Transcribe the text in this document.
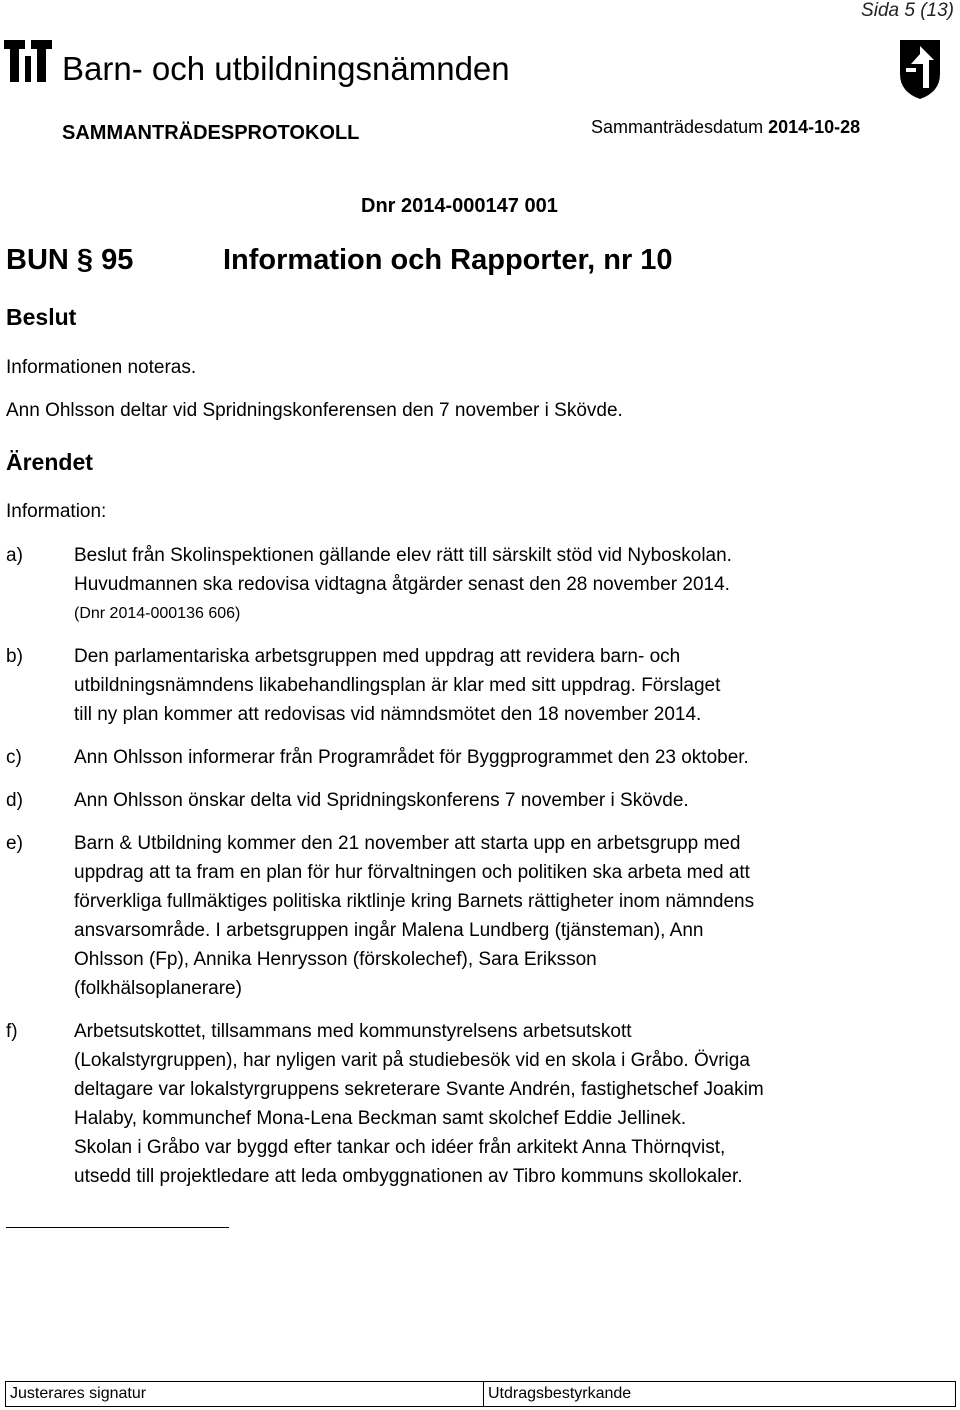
Sida 5 (13)
Barn- och utbildningsnämnden
SAMMANTRÄDESPROTOKOLL	Sammanträdesdatum 2014-10-28
Dnr 2014-000147 001
BUN § 95	Information och Rapporter, nr 10
Beslut
Informationen noteras.
Ann Ohlsson deltar vid Spridningskonferensen den 7 november i Skövde.
Ärendet
Information:
a)	Beslut från Skolinspektionen gällande elev rätt till särskilt stöd vid Nyboskolan.
Huvudmannen ska redovisa vidtagna åtgärder senast den 28 november 2014.
(Dnr 2014-000136 606)
b)	Den parlamentariska arbetsgruppen med uppdrag att revidera barn- och
utbildningsnämndens likabehandlingsplan är klar med sitt uppdrag. Förslaget
till ny plan kommer att redovisas vid nämndsmötet den 18 november 2014.
c)	Ann Ohlsson informerar från Programrådet för Byggprogrammet den 23 oktober.
d)	Ann Ohlsson önskar delta vid Spridningskonferens 7 november i Skövde.
e)	Barn & Utbildning kommer den 21 november att starta upp en arbetsgrupp med
uppdrag att ta fram en plan för hur förvaltningen och politiken ska arbeta med att
förverkliga fullmäktiges politiska riktlinje kring Barnets rättigheter inom nämndens
ansvarsområde. I arbetsgruppen ingår Malena Lundberg (tjänsteman), Ann
Ohlsson (Fp), Annika Henrysson (förskolechef), Sara Eriksson
(folkhälsoplanerare)
f)	Arbetsutskottet, tillsammans med kommunstyrelsens arbetsutskott
(Lokalstyrgruppen), har nyligen varit på studiebesök vid en skola i Gråbo. Övriga
deltagare var lokalstyrgruppens sekreterare Svante Andrén, fastighetschef Joakim
Halaby, kommunchef Mona-Lena Beckman samt skolchef Eddie Jellinek.
Skolan i Gråbo var byggd efter tankar och idéer från arkitekt Anna Thörnqvist,
utsedd till projektledare att leda ombyggnationen av Tibro kommuns skollokaler.
Justerares signatur	Utdragsbestyrkande
